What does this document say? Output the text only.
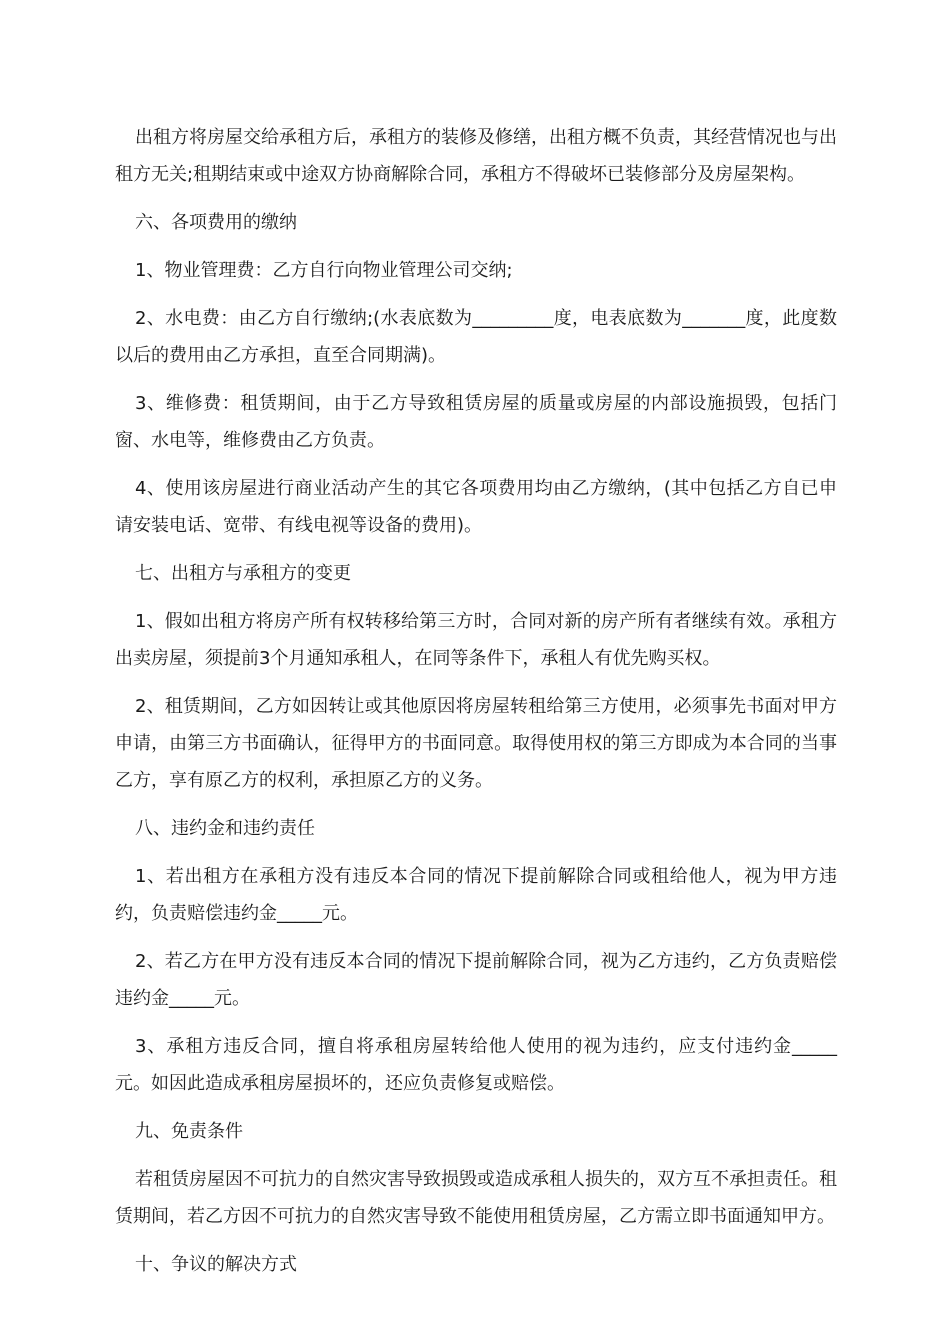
出租方将房屋交给承租方后，承租方的装修及修缮，出租方概不负责，其经营情况也与出租方无关;租期结束或中途双方协商解除合同，承租方不得破坏已装修部分及房屋架构。

六、各项费用的缴纳

1、物业管理费：乙方自行向物业管理公司交纳;

2、水电费：由乙方自行缴纳;(水表底数为_________度，电表底数为_______度，此度数以后的费用由乙方承担，直至合同期满)。

3、维修费：租赁期间，由于乙方导致租赁房屋的质量或房屋的内部设施损毁，包括门窗、水电等，维修费由乙方负责。

4、使用该房屋进行商业活动产生的其它各项费用均由乙方缴纳，(其中包括乙方自已申请安装电话、宽带、有线电视等设备的费用)。

七、出租方与承租方的变更

1、假如出租方将房产所有权转移给第三方时，合同对新的房产所有者继续有效。承租方出卖房屋，须提前3个月通知承租人，在同等条件下，承租人有优先购买权。

2、租赁期间，乙方如因转让或其他原因将房屋转租给第三方使用，必须事先书面对甲方申请，由第三方书面确认，征得甲方的书面同意。取得使用权的第三方即成为本合同的当事乙方，享有原乙方的权利，承担原乙方的义务。

八、违约金和违约责任

1、若出租方在承租方没有违反本合同的情况下提前解除合同或租给他人，视为甲方违约，负责赔偿违约金_____元。

2、若乙方在甲方没有违反本合同的情况下提前解除合同，视为乙方违约，乙方负责赔偿违约金_____元。

3、承租方违反合同，擅自将承租房屋转给他人使用的视为违约，应支付违约金_____元。如因此造成承租房屋损坏的，还应负责修复或赔偿。

九、免责条件

若租赁房屋因不可抗力的自然灾害导致损毁或造成承租人损失的，双方互不承担责任。租赁期间，若乙方因不可抗力的自然灾害导致不能使用租赁房屋，乙方需立即书面通知甲方。

十、争议的解决方式
